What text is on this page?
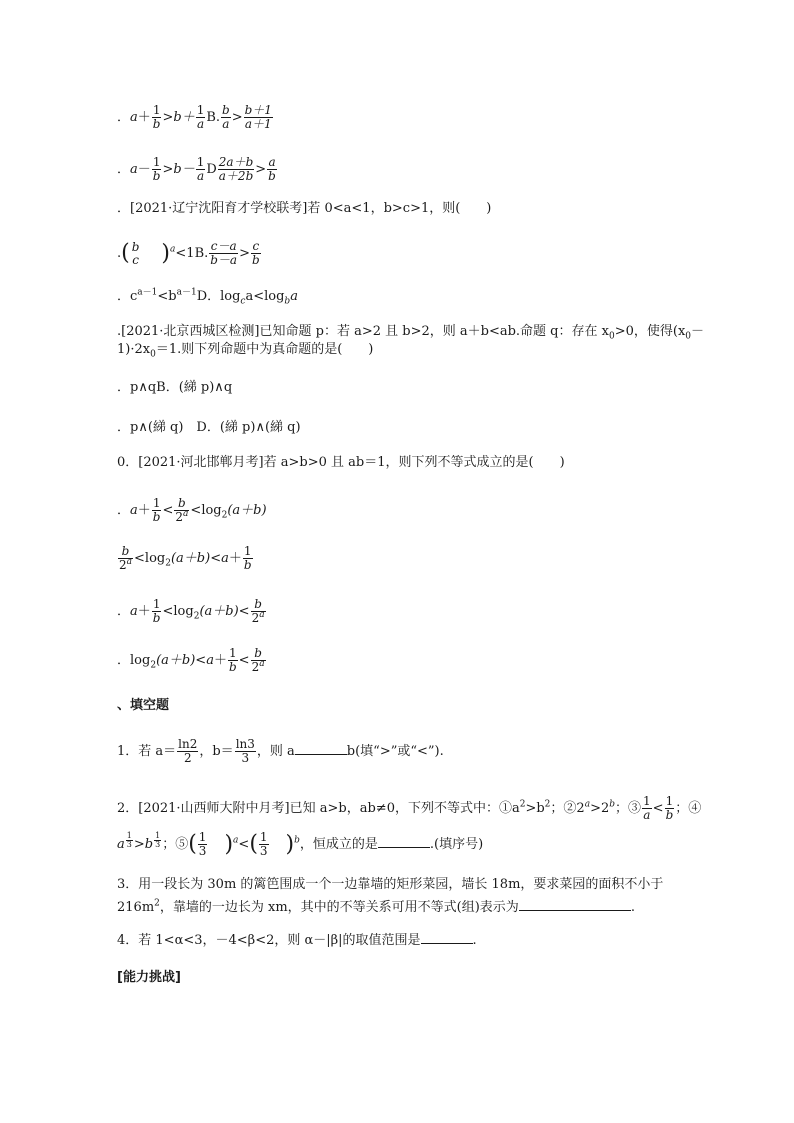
．$a+ \frac{1}{b} >b+ \frac{1}{a} B$. $\frac{b}{a} > \frac{b+1}{a+1}$
．$a- \frac{1}{b} >b- \frac{1}{a}$ D $\frac{2a+b}{a+2b} > \frac{a}{b}$
．[2021·辽宁沈阳育才学校联考]若 0<a<1，b>c>1，则(　　)
.( b
c )$^a$<1B. $\frac{c-a}{b-a} > \frac{c}{b}$
．$c^{a-1}<b^{a-1}D$．$\log_ca<\log_ba$
.[2021·北京西城区检测]已知命题 p：若 a>2 且 b>2，则 a＋b<ab.命题 q：存在 $x_0>0$，使得($x_0-$
$1)\cdot 2x_0=1$.则下列命题中为真命题的是(　　)
．p∧qB．(綈 p)∧q
．p∧(綈 q)　D．(綈 p)∧(綈 q)
0．[2021·河北邯郸月考]若 a>b>0 且 ab＝1，则下列不等式成立的是(　　)
．$a+ \frac{1}{b} < \frac{b}{2^a} <\log_2(a+b)$
$\frac{b}{2^a} <\log_2(a+b)<a+ \frac{1}{b}$
．$a+ \frac{1}{b} <\log_2(a+b)< \frac{b}{2^a}$
．$\log_2(a+b)<a+ \frac{1}{b} < \frac{b}{2^a}$
、填空题
1．若 $a= \frac{\ln 2}{2}$ ，$b= \frac{\ln 3}{3}$ ，则 a	b(填“>”或“<”).
2．[2021·山西师大附中月考]已知 a>b，ab≠0，下列不等式中：$①a^2>b^2$；$②2^a>2^b$；③ $\frac{1}{a} < \frac{1}{b}$ ；④
a $^{\frac{1}{3}}$ >b $^{\frac{1}{3}}$ ；⑤( $\frac{1}{3} )^a<( \frac{1}{3} )^b$，恒成立的是	.(填序号)
3．用一段长为 30m 的篱笆围成一个一边靠墙的矩形菜园，墙长 18m，要求菜园的面积不小于
$216m^2$，靠墙的一边长为 xm，其中的不等关系可用不等式(组)表示为	.
4．若 1<α<3，－4<β<2，则 α－|β|的取值范围是	.
[能力挑战]
